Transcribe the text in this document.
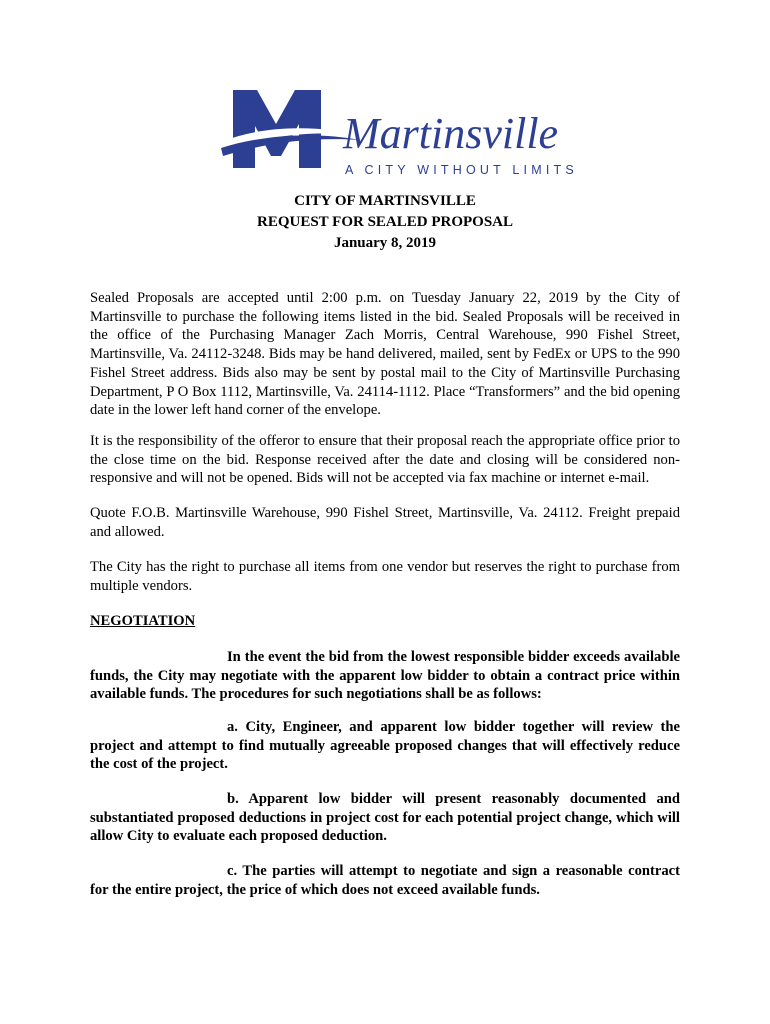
Martinsville
A CITY WITHOUT LIMITS
CITY OF MARTINSVILLE
REQUEST FOR SEALED PROPOSAL
January 8, 2019

Sealed Proposals are accepted until 2:00 p.m. on Tuesday January 22, 2019 by the City of Martinsville to purchase the following items listed in the bid. Sealed Proposals will be received in the office of the Purchasing Manager Zach Morris, Central Warehouse, 990 Fishel Street, Martinsville, Va. 24112-3248. Bids may be hand delivered, mailed, sent by FedEx or UPS to the 990 Fishel Street address. Bids also may be sent by postal mail to the City of Martinsville Purchasing Department, P O Box 1112, Martinsville, Va. 24114-1112. Place “Transformers” and the bid opening date in the lower left hand corner of the envelope.

It is the responsibility of the offeror to ensure that their proposal reach the appropriate office prior to the close time on the bid. Response received after the date and closing will be considered non-responsive and will not be opened. Bids will not be accepted via fax machine or internet e-mail.

Quote F.O.B. Martinsville Warehouse, 990 Fishel Street, Martinsville, Va. 24112. Freight prepaid and allowed.

The City has the right to purchase all items from one vendor but reserves the right to purchase from multiple vendors.

NEGOTIATION

In the event the bid from the lowest responsible bidder exceeds available funds, the City may negotiate with the apparent low bidder to obtain a contract price within available funds. The procedures for such negotiations shall be as follows:

a. City, Engineer, and apparent low bidder together will review the project and attempt to find mutually agreeable proposed changes that will effectively reduce the cost of the project.

b. Apparent low bidder will present reasonably documented and substantiated proposed deductions in project cost for each potential project change, which will allow City to evaluate each proposed deduction.

c. The parties will attempt to negotiate and sign a reasonable contract for the entire project, the price of which does not exceed available funds.
